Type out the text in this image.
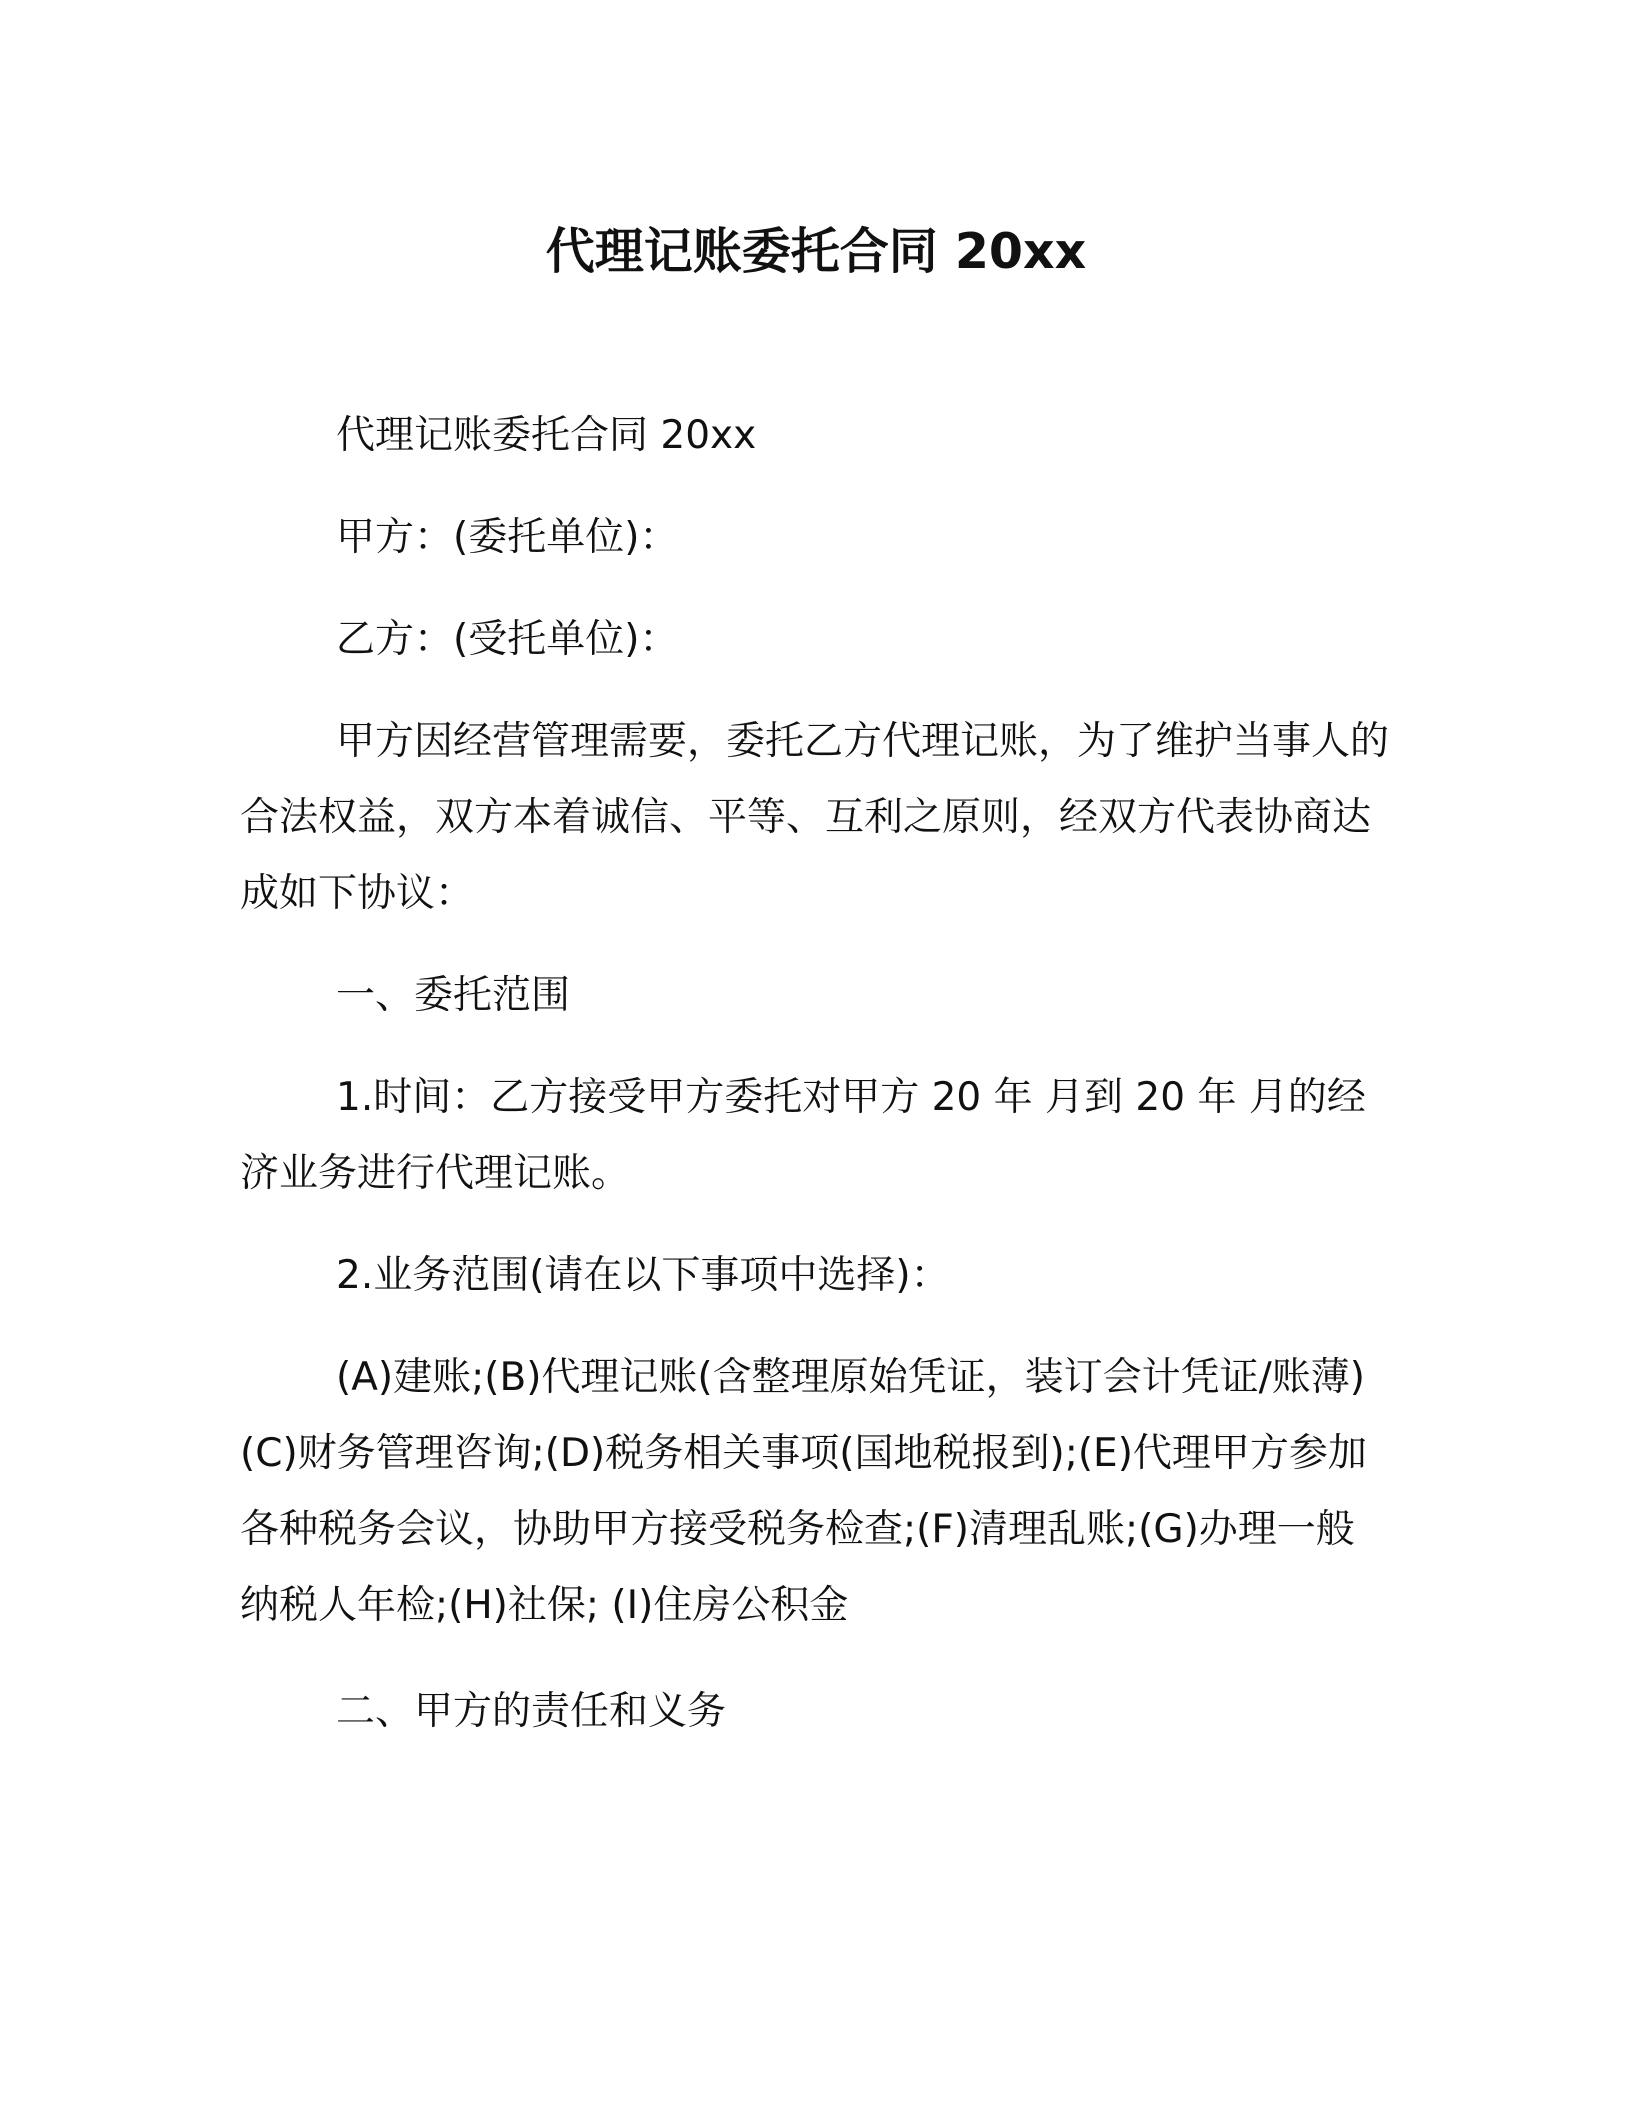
代理记账委托合同 20xx

代理记账委托合同 20xx

甲方：(委托单位)：

乙方：(受托单位)：

甲方因经营管理需要，委托乙方代理记账，为了维护当事人的合法权益，双方本着诚信、平等、互利之原则，经双方代表协商达成如下协议：

一、委托范围

1.时间：乙方接受甲方委托对甲方 20 年 月到 20 年 月的经济业务进行代理记账。

2.业务范围(请在以下事项中选择)：

(A)建账;(B)代理记账(含整理原始凭证，装订会计凭证/账薄)(C)财务管理咨询;(D)税务相关事项(国地税报到);(E)代理甲方参加各种税务会议，协助甲方接受税务检查;(F)清理乱账;(G)办理一般纳税人年检;(H)社保; (I)住房公积金

二、甲方的责任和义务
